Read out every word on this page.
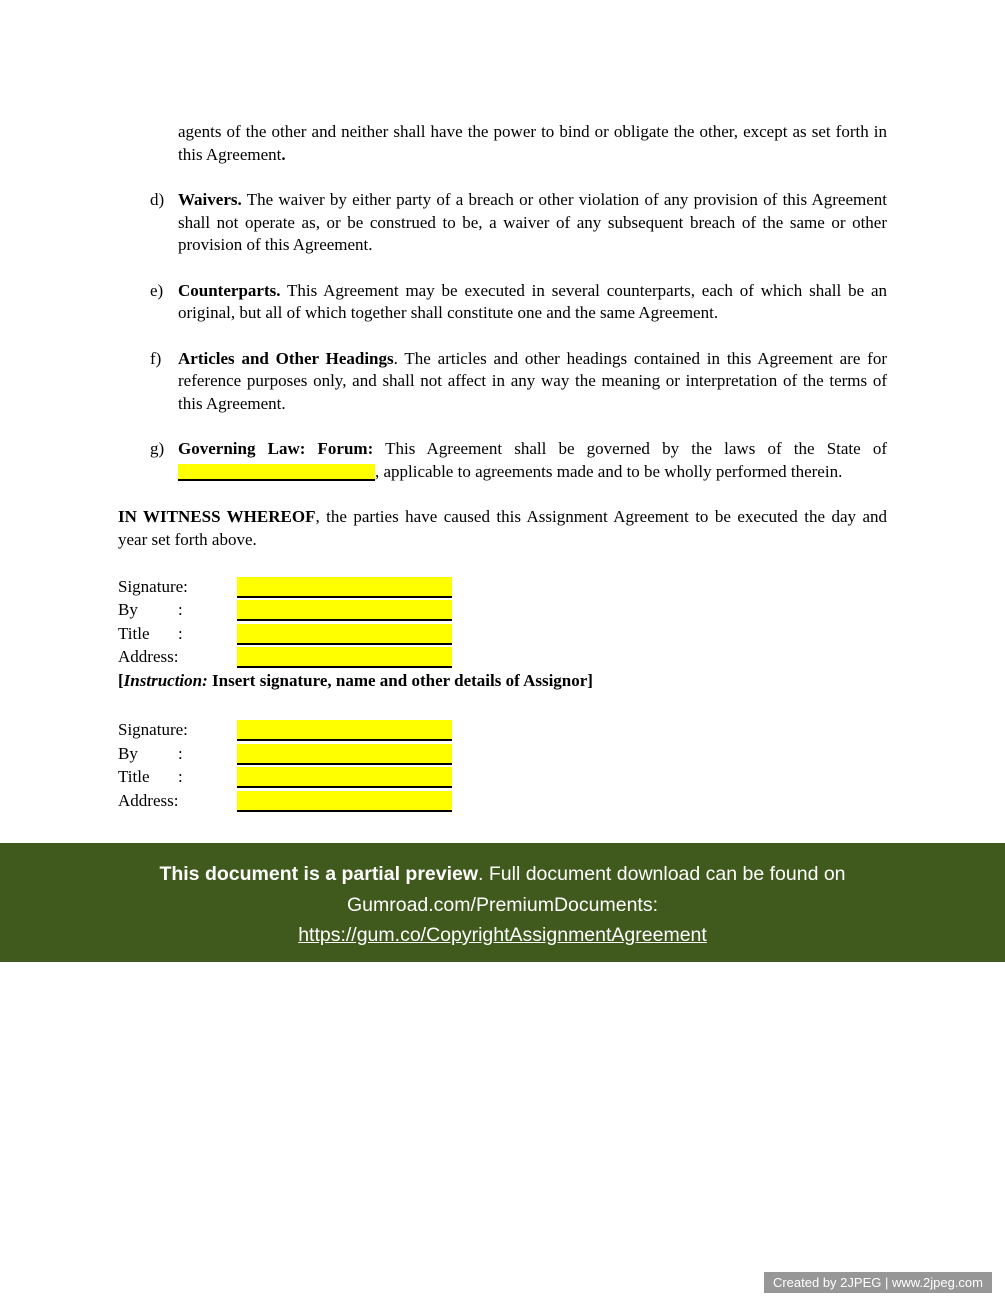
agents of the other and neither shall have the power to bind or obligate the other, except as set forth in this Agreement.

d) Waivers. The waiver by either party of a breach or other violation of any provision of this Agreement shall not operate as, or be construed to be, a waiver of any subsequent breach of the same or other provision of this Agreement.
e) Counterparts. This Agreement may be executed in several counterparts, each of which shall be an original, but all of which together shall constitute one and the same Agreement.
f) Articles and Other Headings. The articles and other headings contained in this Agreement are for reference purposes only, and shall not affect in any way the meaning or interpretation of the terms of this Agreement.
g) Governing Law: Forum: This Agreement shall be governed by the laws of the State of , applicable to agreements made and to be wholly performed therein.

IN WITNESS WHEREOF, the parties have caused this Assignment Agreement to be executed the day and year set forth above.

Signature:
By	:
Title	:
Address:
[Instruction: Insert signature, name and other details of Assignor]
Signature:
By	:
Title	:
Address:
This document is a partial preview. Full document download can be found on
Gumroad.com/PremiumDocuments:
https://gum.co/CopyrightAssignmentAgreement
Created by 2JPEG | www.2jpeg.com
